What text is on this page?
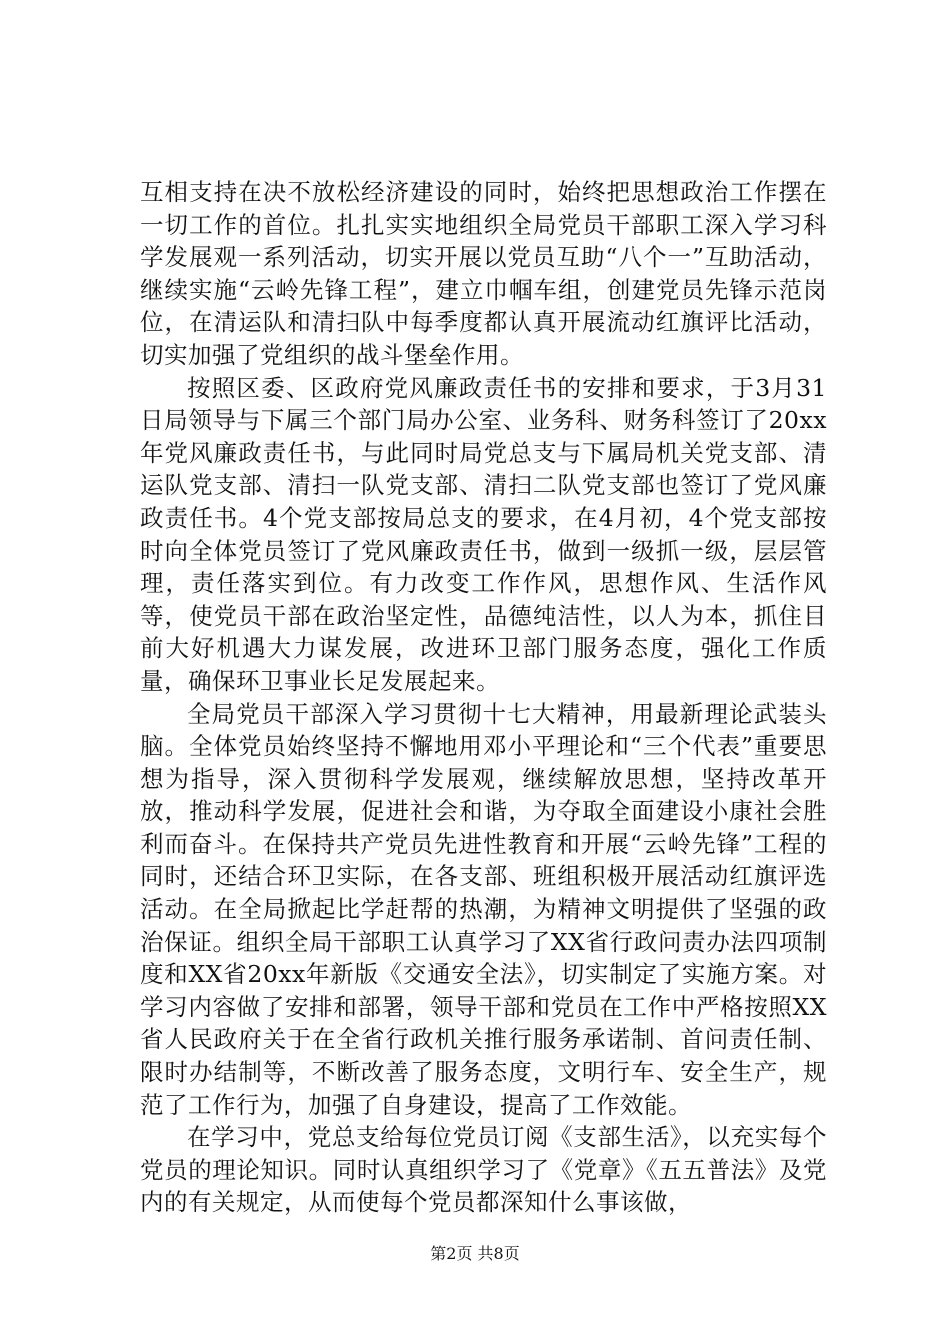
互相支持在决不放松经济建设的同时，始终把思想政治工作摆在一切工作的首位。扎扎实实地组织全局党员干部职工深入学习科学发展观一系列活动，切实开展以党员互助“八个一”互助活动，继续实施“云岭先锋工程”，建立巾帼车组，创建党员先锋示范岗位，在清运队和清扫队中每季度都认真开展流动红旗评比活动，切实加强了党组织的战斗堡垒作用。

按照区委、区政府党风廉政责任书的安排和要求，于3月31日局领导与下属三个部门局办公室、业务科、财务科签订了20xx年党风廉政责任书，与此同时局党总支与下属局机关党支部、清运队党支部、清扫一队党支部、清扫二队党支部也签订了党风廉政责任书。4个党支部按局总支的要求，在4月初，4个党支部按时向全体党员签订了党风廉政责任书，做到一级抓一级，层层管理，责任落实到位。有力改变工作作风，思想作风、生活作风等，使党员干部在政治坚定性，品德纯洁性，以人为本，抓住目前大好机遇大力谋发展，改进环卫部门服务态度，强化工作质量，确保环卫事业长足发展起来。

全局党员干部深入学习贯彻十七大精神，用最新理论武装头脑。全体党员始终坚持不懈地用邓小平理论和“三个代表”重要思想为指导，深入贯彻科学发展观，继续解放思想，坚持改革开放，推动科学发展，促进社会和谐，为夺取全面建设小康社会胜利而奋斗。在保持共产党员先进性教育和开展“云岭先锋”工程的同时，还结合环卫实际，在各支部、班组积极开展活动红旗评选活动。在全局掀起比学赶帮的热潮，为精神文明提供了坚强的政治保证。组织全局干部职工认真学习了XX省行政问责办法四项制度和XX省20xx年新版《交通安全法》，切实制定了实施方案。对学习内容做了安排和部署，领导干部和党员在工作中严格按照XX省人民政府关于在全省行政机关推行服务承诺制、首问责任制、限时办结制等，不断改善了服务态度，文明行车、安全生产，规范了工作行为，加强了自身建设，提高了工作效能。

在学习中，党总支给每位党员订阅《支部生活》，以充实每个党员的理论知识。同时认真组织学习了《党章》《五五普法》及党内的有关规定，从而使每个党员都深知什么事该做，

第2页 共8页
